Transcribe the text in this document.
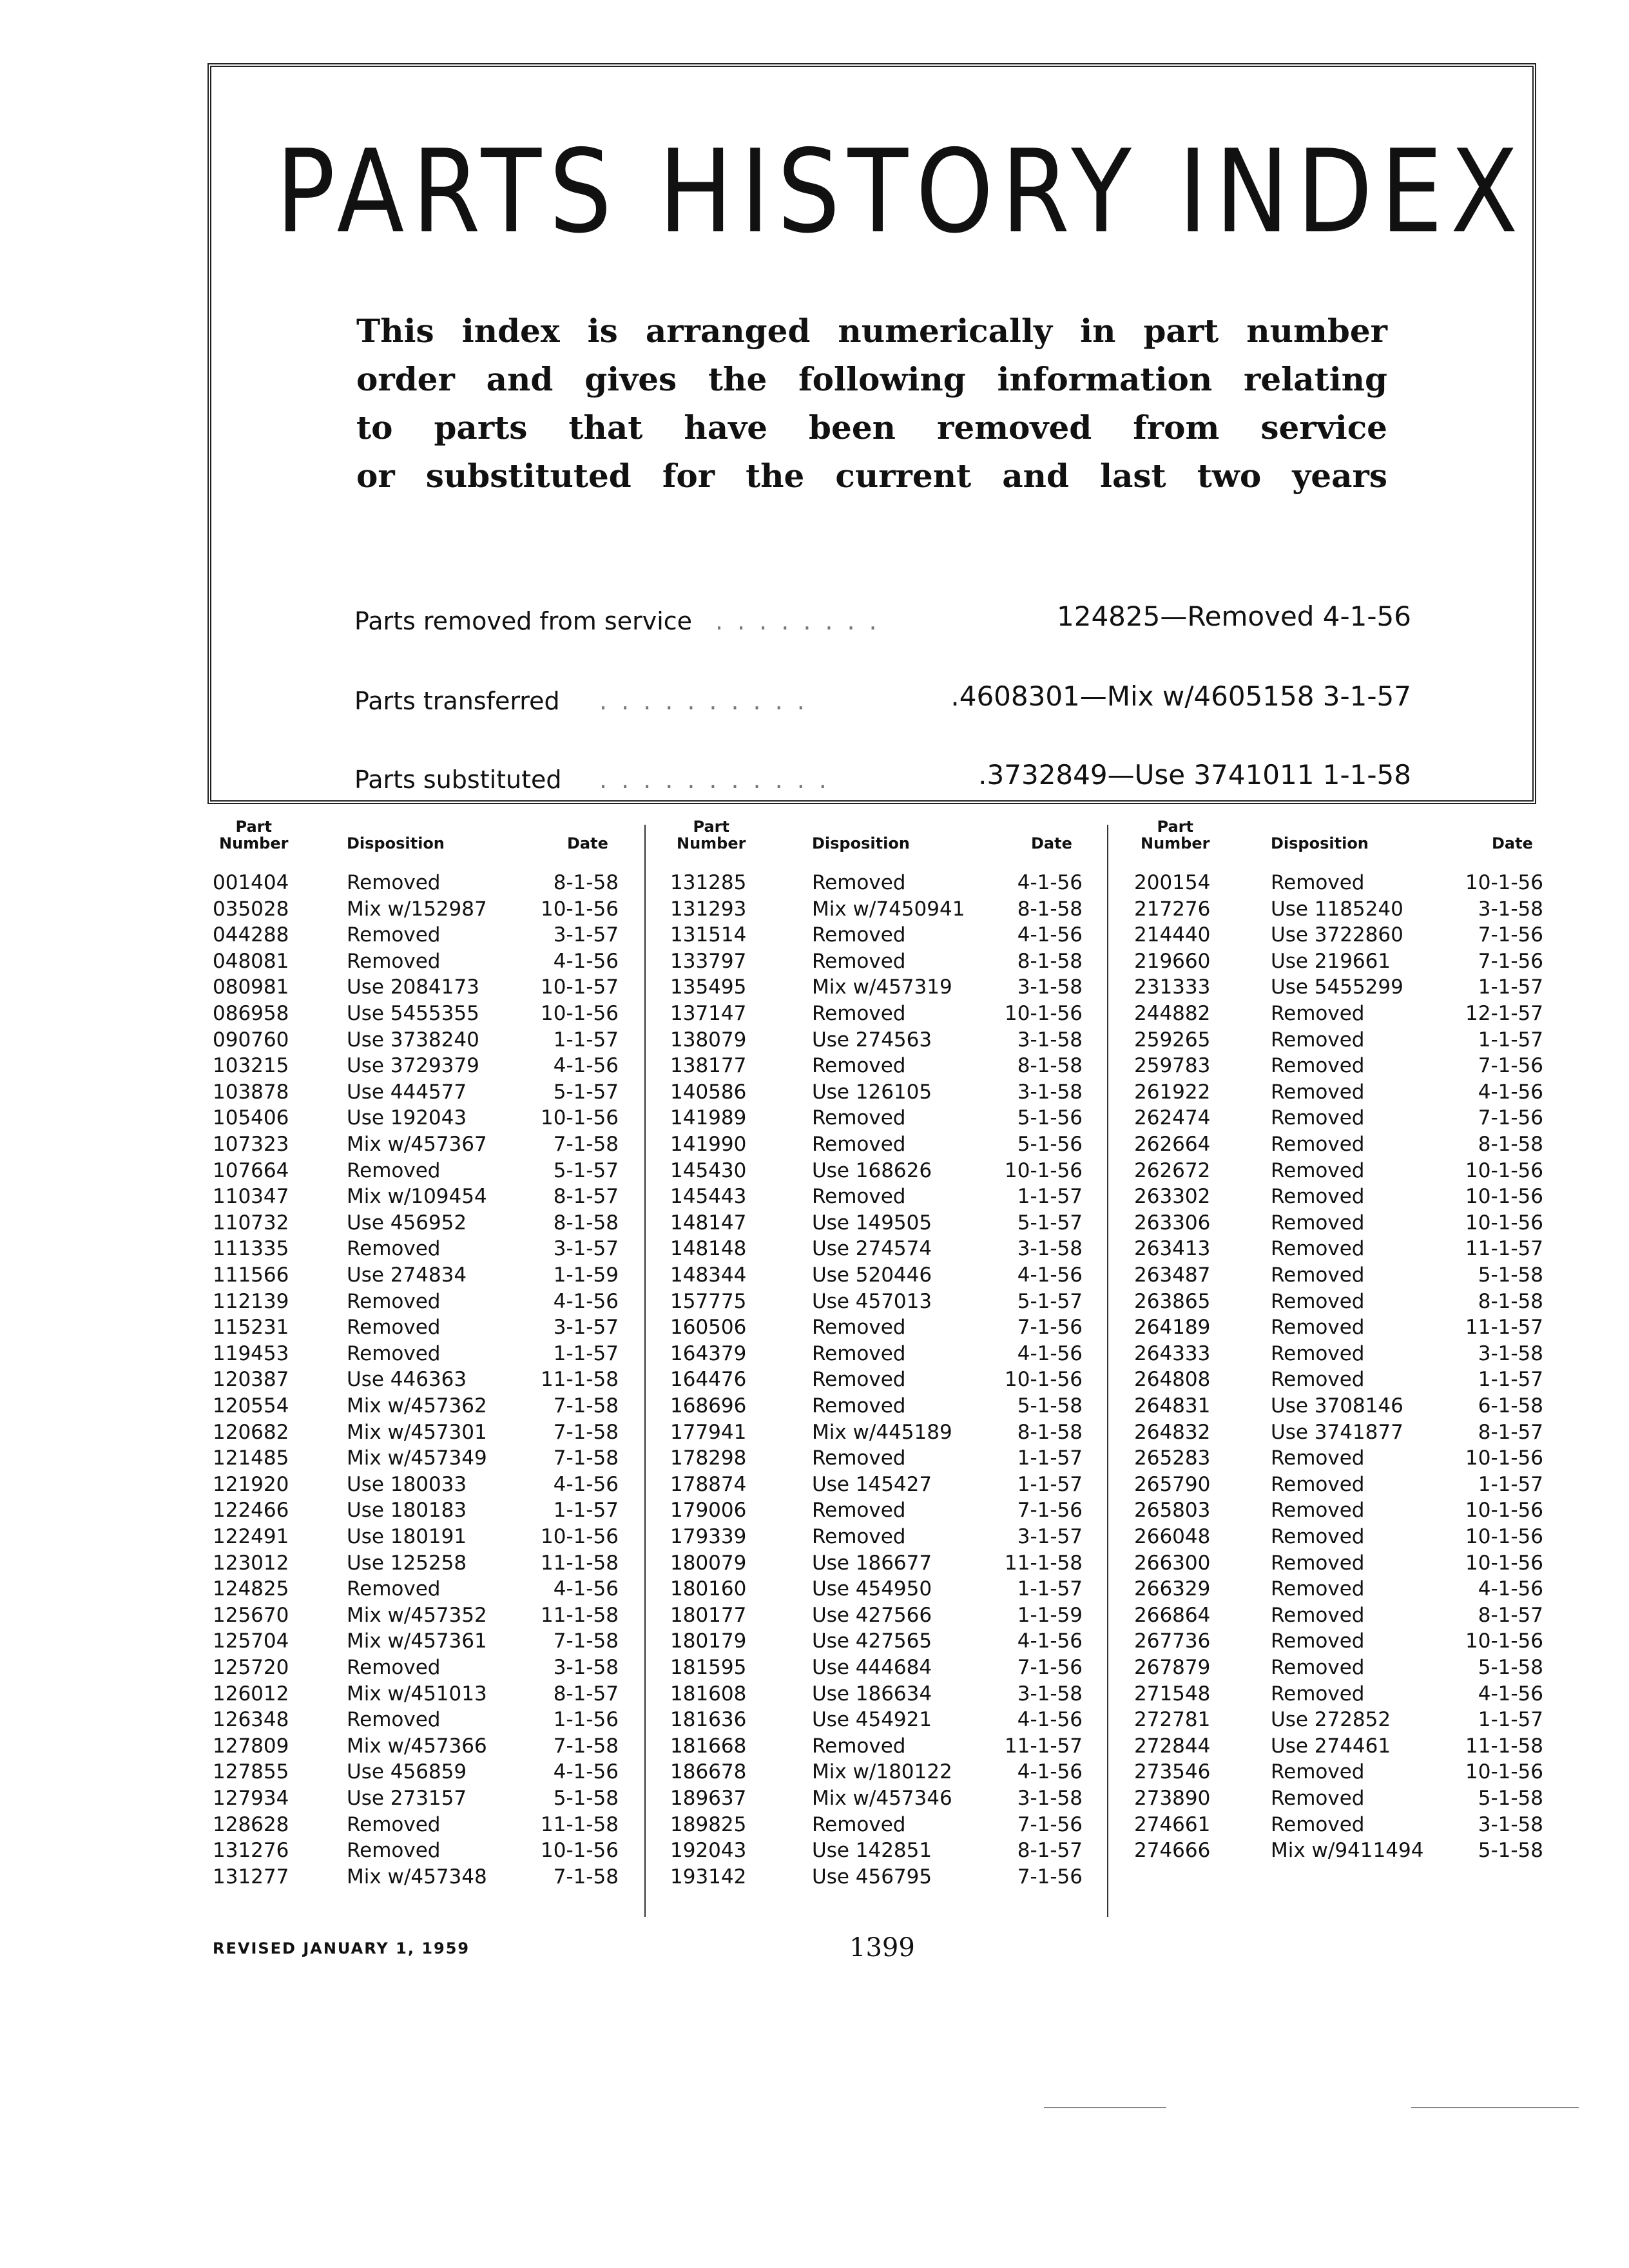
PARTS HISTORY INDEX
This index is arranged numerically in part number
order and gives the following information relating
to parts that have been removed from service
or substituted for the current and last two years
Parts removed from service ........	124825—Removed 4-1-56
Parts transferred ..........	.4608301—Mix w/4605158 3-1-57
Parts substituted ...........	.3732849—Use 3741011 1-1-58
Part
Number	Disposition	Date
001404	Removed	8-1-58
035028	Mix w/152987	10-1-56
044288	Removed	3-1-57
048081	Removed	4-1-56
080981	Use 2084173	10-1-57
086958	Use 5455355	10-1-56
090760	Use 3738240	1-1-57
103215	Use 3729379	4-1-56
103878	Use 444577	5-1-57
105406	Use 192043	10-1-56
107323	Mix w/457367	7-1-58
107664	Removed	5-1-57
110347	Mix w/109454	8-1-57
110732	Use 456952	8-1-58
111335	Removed	3-1-57
111566	Use 274834	1-1-59
112139	Removed	4-1-56
115231	Removed	3-1-57
119453	Removed	1-1-57
120387	Use 446363	11-1-58
120554	Mix w/457362	7-1-58
120682	Mix w/457301	7-1-58
121485	Mix w/457349	7-1-58
121920	Use 180033	4-1-56
122466	Use 180183	1-1-57
122491	Use 180191	10-1-56
123012	Use 125258	11-1-58
124825	Removed	4-1-56
125670	Mix w/457352	11-1-58
125704	Mix w/457361	7-1-58
125720	Removed	3-1-58
126012	Mix w/451013	8-1-57
126348	Removed	1-1-56
127809	Mix w/457366	7-1-58
127855	Use 456859	4-1-56
127934	Use 273157	5-1-58
128628	Removed	11-1-58
131276	Removed	10-1-56
131277	Mix w/457348	7-1-58
Part
Number	Disposition	Date
131285	Removed	4-1-56
131293	Mix w/7450941	8-1-58
131514	Removed	4-1-56
133797	Removed	8-1-58
135495	Mix w/457319	3-1-58
137147	Removed	10-1-56
138079	Use 274563	3-1-58
138177	Removed	8-1-58
140586	Use 126105	3-1-58
141989	Removed	5-1-56
141990	Removed	5-1-56
145430	Use 168626	10-1-56
145443	Removed	1-1-57
148147	Use 149505	5-1-57
148148	Use 274574	3-1-58
148344	Use 520446	4-1-56
157775	Use 457013	5-1-57
160506	Removed	7-1-56
164379	Removed	4-1-56
164476	Removed	10-1-56
168696	Removed	5-1-58
177941	Mix w/445189	8-1-58
178298	Removed	1-1-57
178874	Use 145427	1-1-57
179006	Removed	7-1-56
179339	Removed	3-1-57
180079	Use 186677	11-1-58
180160	Use 454950	1-1-57
180177	Use 427566	1-1-59
180179	Use 427565	4-1-56
181595	Use 444684	7-1-56
181608	Use 186634	3-1-58
181636	Use 454921	4-1-56
181668	Removed	11-1-57
186678	Mix w/180122	4-1-56
189637	Mix w/457346	3-1-58
189825	Removed	7-1-56
192043	Use 142851	8-1-57
193142	Use 456795	7-1-56
Part
Number	Disposition	Date
200154	Removed	10-1-56
217276	Use 1185240	3-1-58
214440	Use 3722860	7-1-56
219660	Use 219661	7-1-56
231333	Use 5455299	1-1-57
244882	Removed	12-1-57
259265	Removed	1-1-57
259783	Removed	7-1-56
261922	Removed	4-1-56
262474	Removed	7-1-56
262664	Removed	8-1-58
262672	Removed	10-1-56
263302	Removed	10-1-56
263306	Removed	10-1-56
263413	Removed	11-1-57
263487	Removed	5-1-58
263865	Removed	8-1-58
264189	Removed	11-1-57
264333	Removed	3-1-58
264808	Removed	1-1-57
264831	Use 3708146	6-1-58
264832	Use 3741877	8-1-57
265283	Removed	10-1-56
265790	Removed	1-1-57
265803	Removed	10-1-56
266048	Removed	10-1-56
266300	Removed	10-1-56
266329	Removed	4-1-56
266864	Removed	8-1-57
267736	Removed	10-1-56
267879	Removed	5-1-58
271548	Removed	4-1-56
272781	Use 272852	1-1-57
272844	Use 274461	11-1-58
273546	Removed	10-1-56
273890	Removed	5-1-58
274661	Removed	3-1-58
274666	Mix w/9411494	5-1-58
REVISED JANUARY 1, 1959	1399
